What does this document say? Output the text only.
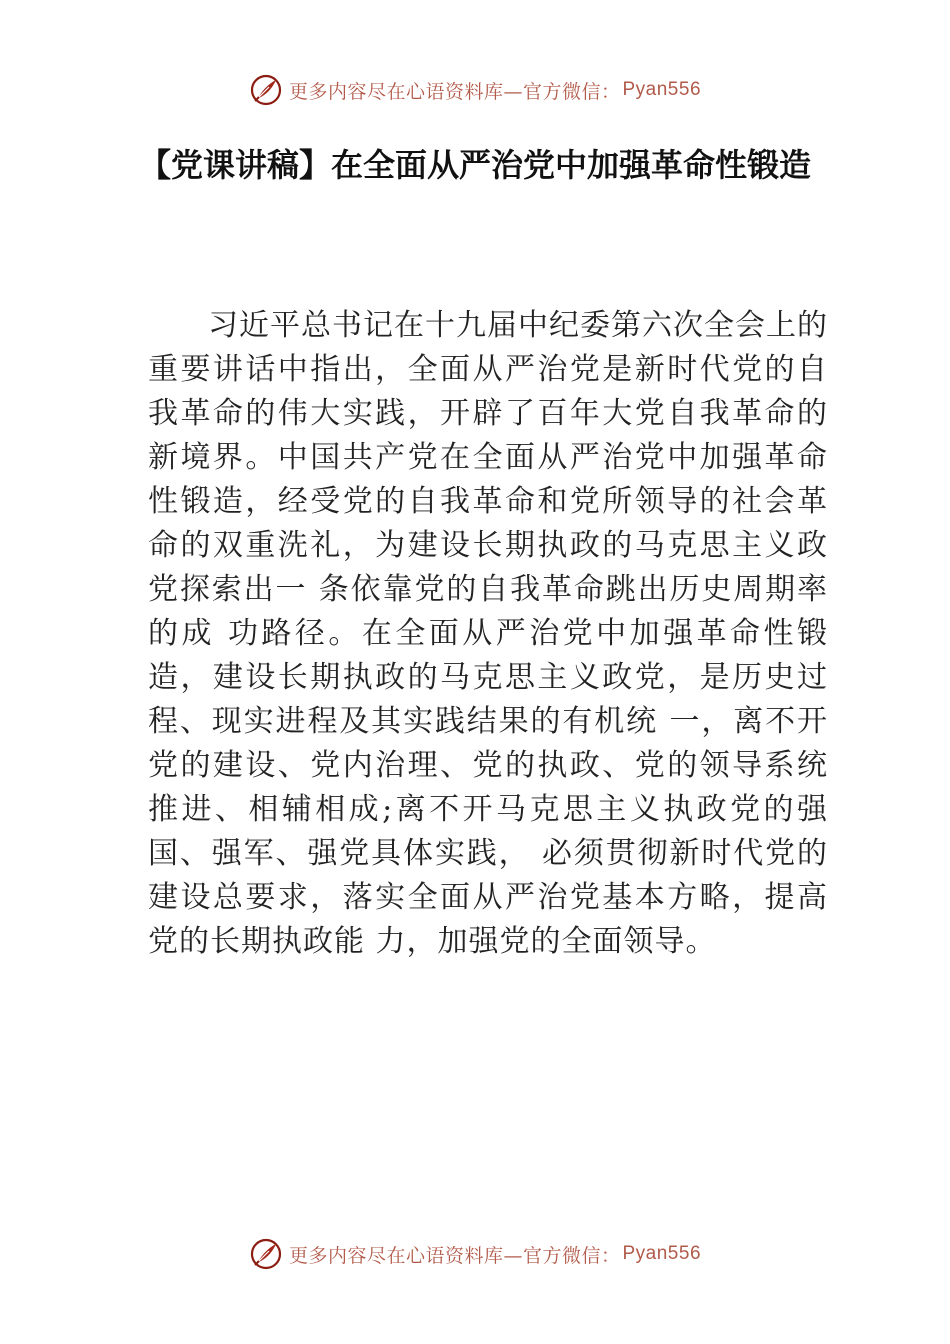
更多内容尽在心语资料库—官方微信： Pyan556
【党课讲稿】在全面从严治党中加强革命性锻造

习近平总书记在十九届中纪委第六次全会上的重要讲话中指出，全面从严治党是新时代党的自我革命的伟大实践，开辟了百年大党自我革命的新境界。中国共产党在全面从严治党中加强革命性锻造，经受党的自我革命和党所领导的社会革命的双重洗礼，为建设长期执政的马克思主义政党探索出一 条依靠党的自我革命跳出历史周期率的成 功路径。在全面从严治党中加强革命性锻 造，建设长期执政的马克思主义政党，是历史过程、现实进程及其实践结果的有机统 一，离不开党的建设、党内治理、党的执政、党的领导系统推进、相辅相成;离不开马克思主义执政党的强国、强军、强党具体实践， 必须贯彻新时代党的建设总要求，落实全面从严治党基本方略，提高党的长期执政能 力，加强党的全面领导。

更多内容尽在心语资料库—官方微信： Pyan556
